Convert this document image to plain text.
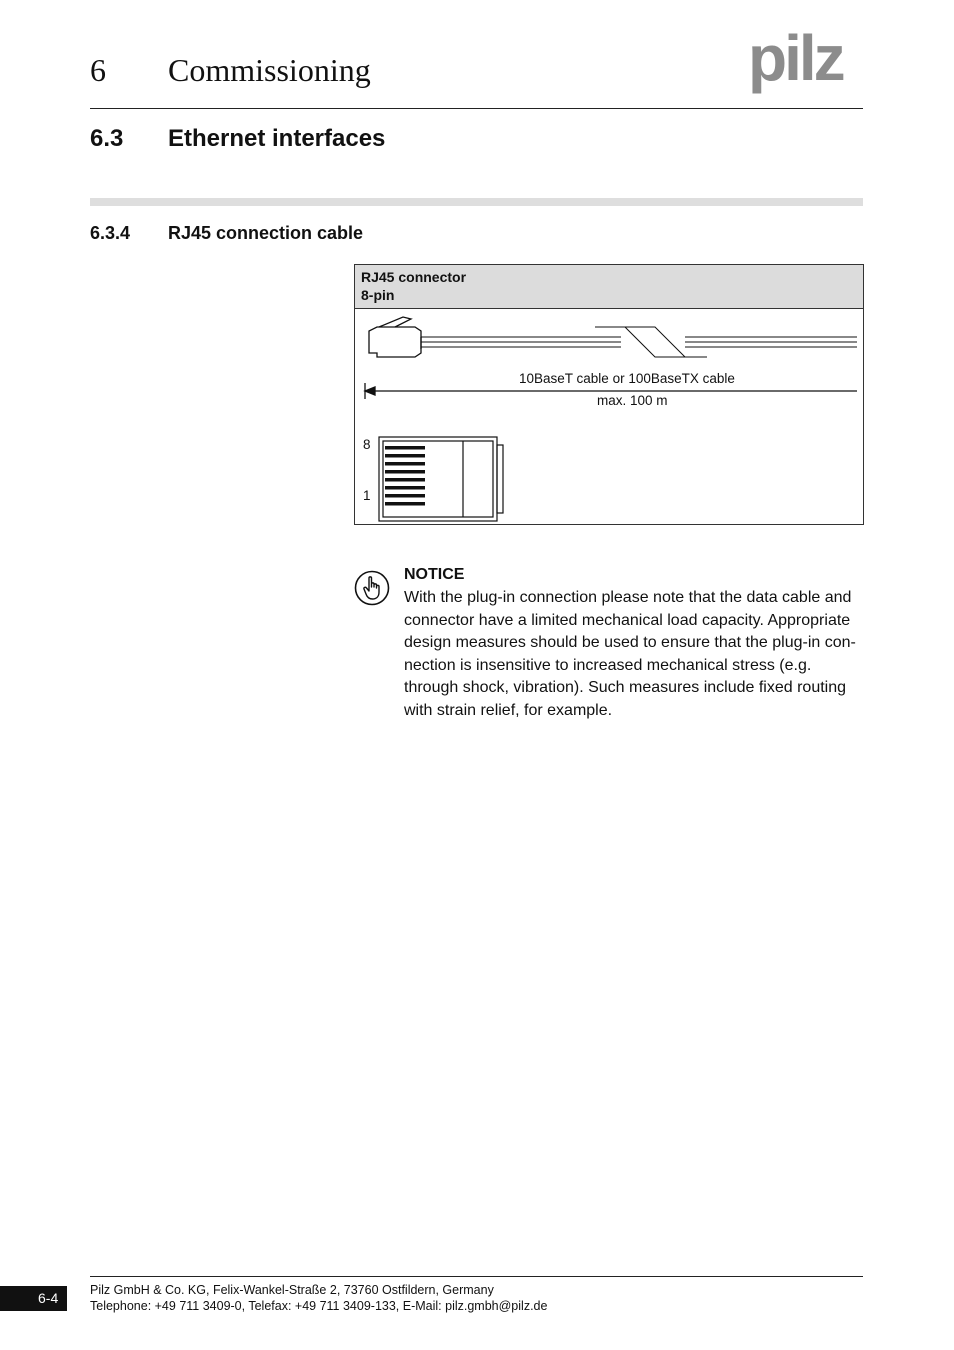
6 Commissioning	pilz
6.3 Ethernet interfaces
6.3.4 RJ45 connection cable
RJ45 connector
8-pin
10BaseT cable or 100BaseTX cable
max. 100 m
8
1
NOTICE
With the plug-in connection please note that the data cable and
connector have a limited mechanical load capacity. Appropriate
design measures should be used to ensure that the plug-in con-
nection is insensitive to increased mechanical stress (e.g.
through shock, vibration). Such measures include fixed routing
with strain relief, for example.
6-4	Pilz GmbH & Co. KG, Felix-Wankel-Straße 2, 73760 Ostfildern, Germany
Telephone: +49 711 3409-0, Telefax: +49 711 3409-133, E-Mail: pilz.gmbh@pilz.de
